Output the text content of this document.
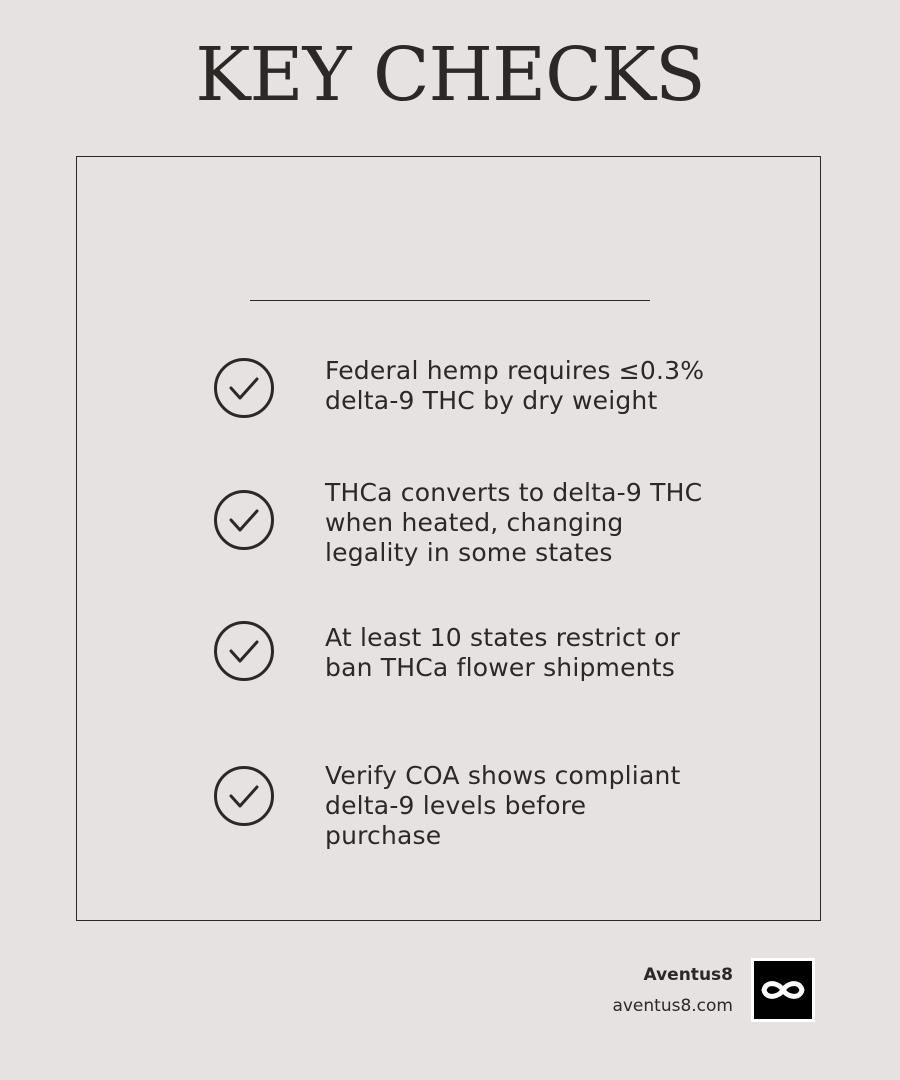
KEY CHECKS

Federal hemp requires ≤0.3%
delta-9 THC by dry weight

THCa converts to delta-9 THC
when heated, changing
legality in some states

At least 10 states restrict or
ban THCa flower shipments

Verify COA shows compliant
delta-9 levels before
purchase

Aventus8
aventus8.com
